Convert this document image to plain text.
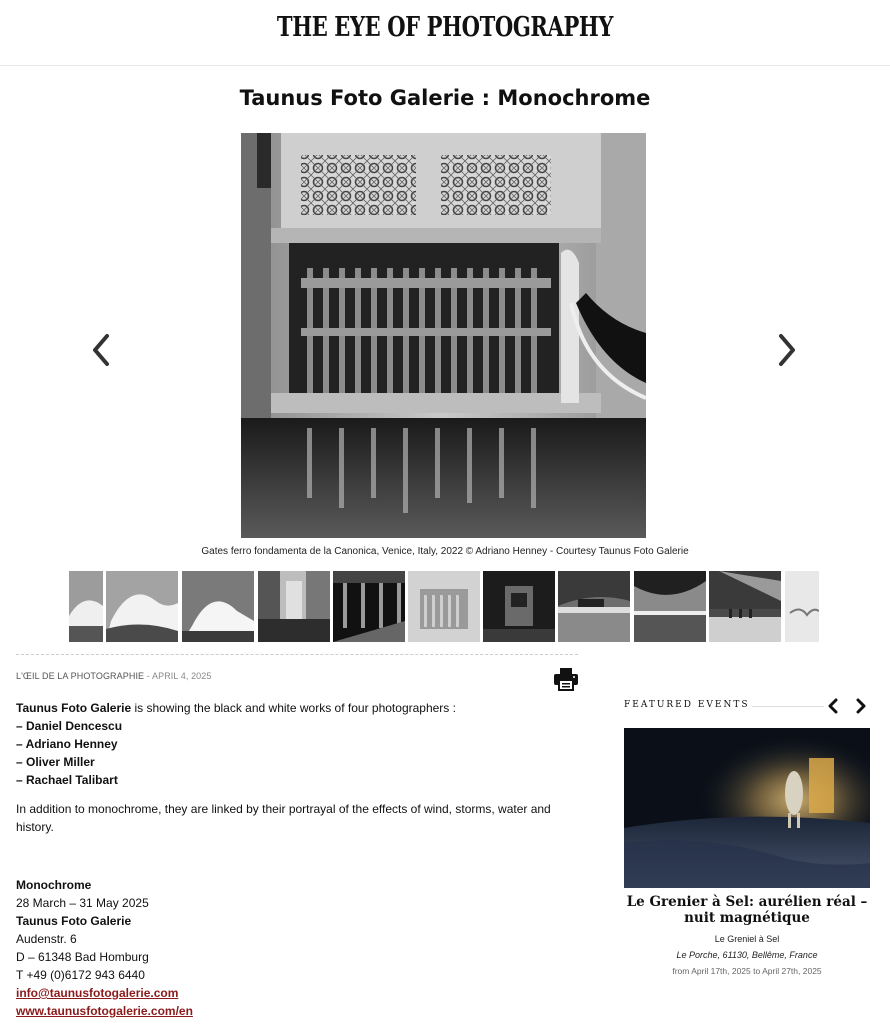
THE EYE OF PHOTOGRAPHY
Taunus Foto Galerie : Monochrome
Gates ferro fondamenta de la Canonica, Venice, Italy, 2022 © Adriano Henney - Courtesy Taunus Foto Galerie
L'ŒIL DE LA PHOTOGRAPHIE - APRIL 4, 2025

Taunus Foto Galerie is showing the black and white works of four photographers :

– Daniel Dencescu

– Adriano Henney

– Oliver Miller

– Rachael Talibart

In addition to monochrome, they are linked by their portrayal of the effects of wind, storms, water and history.

Monochrome

28 March – 31 May 2025

Taunus Foto Galerie

Audenstr. 6

D – 61348 Bad Homburg

T +49 (0)6172 943 6440

info@taunusfotogalerie.com

www.taunusfotogalerie.com/en

FEATURED EVENTS
Le Grenier à Sel: aurélien réal – nuit magnétique
Le Greniel à Sel
Le Porche, 61130, Bellême, France
from April 17th, 2025 to April 27th, 2025
